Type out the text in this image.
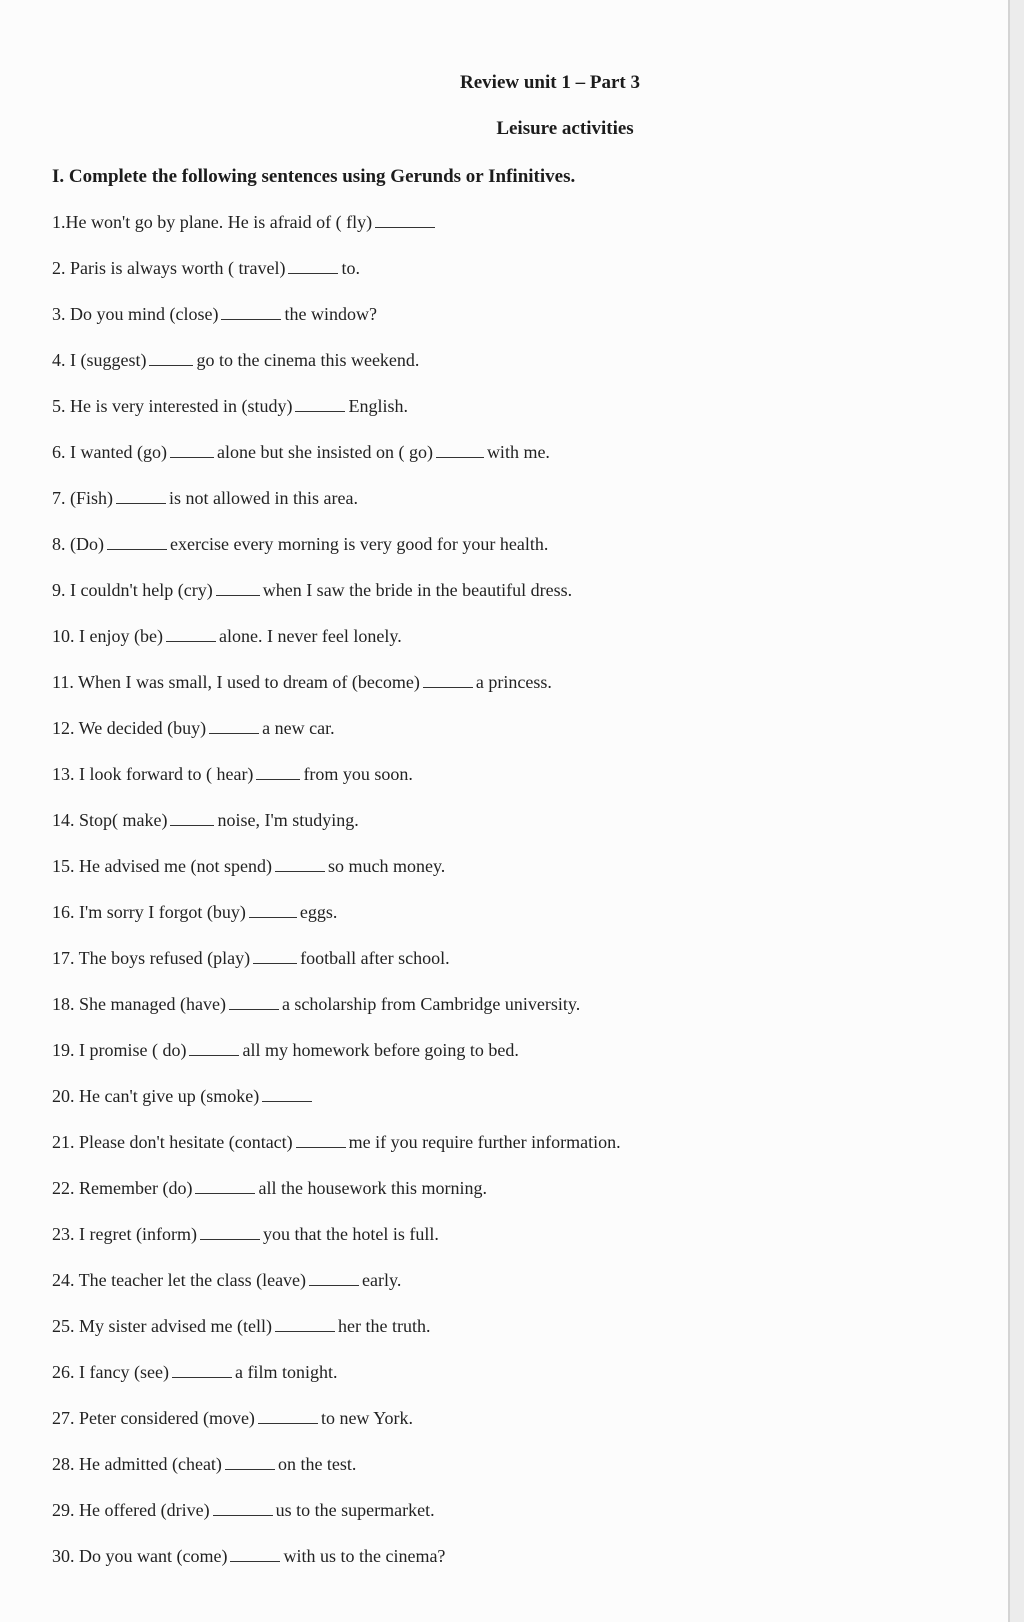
Review unit 1 – Part 3
Leisure activities
I. Complete the following sentences using Gerunds or Infinitives.
1.He won't go by plane. He is afraid of ( fly)
2. Paris is always worth ( travel)	to.
3. Do you mind (close)	the window?
4. I (suggest)	go to the cinema this weekend.
5. He is very interested in (study)	English.
6. I wanted (go)	alone but she insisted on ( go)	with me.
7. (Fish)	is not allowed in this area.
8. (Do)	exercise every morning is very good for your health.
9. I couldn't help (cry)	when I saw the bride in the beautiful dress.
10. I enjoy (be)	alone. I never feel lonely.
11. When I was small, I used to dream of (become)	a princess.
12. We decided (buy)	a new car.
13. I look forward to ( hear)	from you soon.
14. Stop( make)	noise, I'm studying.
15. He advised me (not spend)	so much money.
16. I'm sorry I forgot (buy)	eggs.
17. The boys refused (play)	football after school.
18. She managed (have)	a scholarship from Cambridge university.
19. I promise ( do)	all my homework before going to bed.
20. He can't give up (smoke)
21. Please don't hesitate (contact)	me if you require further information.
22. Remember (do)	all the housework this morning.
23. I regret (inform)	you that the hotel is full.
24. The teacher let the class (leave)	early.
25. My sister advised me (tell)	her the truth.
26. I fancy (see)	a film tonight.
27. Peter considered (move)	to new York.
28. He admitted (cheat)	on the test.
29. He offered (drive)	us to the supermarket.
30. Do you want (come)	with us to the cinema?
